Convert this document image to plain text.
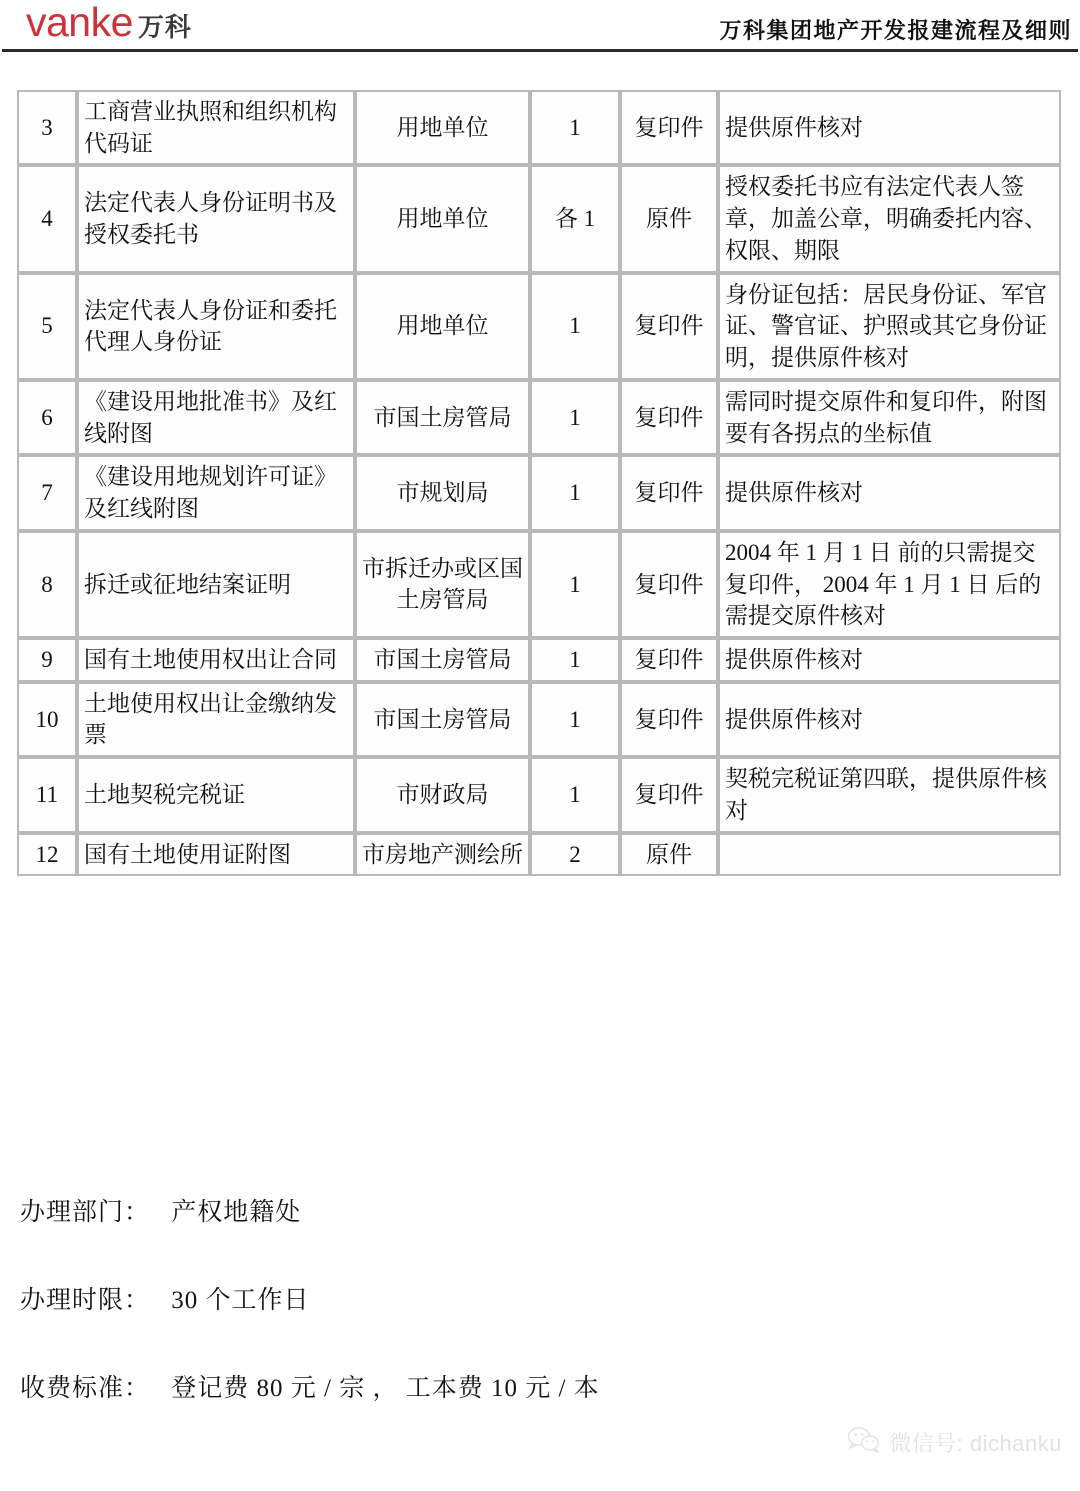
vanke 万科	万科集团地产开发报建流程及细则
3	工商营业执照和组织机构代码证	用地单位	1	复印件	提供原件核对
4	法定代表人身份证明书及授权委托书	用地单位	各 1	原件	授权委托书应有法定代表人签章，加盖公章，明确委托内容、权限、期限
5	法定代表人身份证和委托代理人身份证	用地单位	1	复印件	身份证包括：居民身份证、军官证、警官证、护照或其它身份证明，提供原件核对
6	《建设用地批准书》及红线附图	市国土房管局	1	复印件	需同时提交原件和复印件，附图要有各拐点的坐标值
7	《建设用地规划许可证》及红线附图	市规划局	1	复印件	提供原件核对
8	拆迁或征地结案证明	市拆迁办或区国土房管局	1	复印件	2004 年 1 月 1 日 前的只需提交复印件， 2004 年 1 月 1 日 后的需提交原件核对
9	国有土地使用权出让合同	市国土房管局	1	复印件	提供原件核对
10	土地使用权出让金缴纳发票	市国土房管局	1	复印件	提供原件核对
11	土地契税完税证	市财政局	1	复印件	契税完税证第四联，提供原件核对
12	国有土地使用证附图	市房地产测绘所	2	原件	
办理部门： 产权地籍处
办理时限： 30 个工作日
收费标准： 登记费 80 元 / 宗 ， 工本费 10 元 / 本
微信号: dichanku
